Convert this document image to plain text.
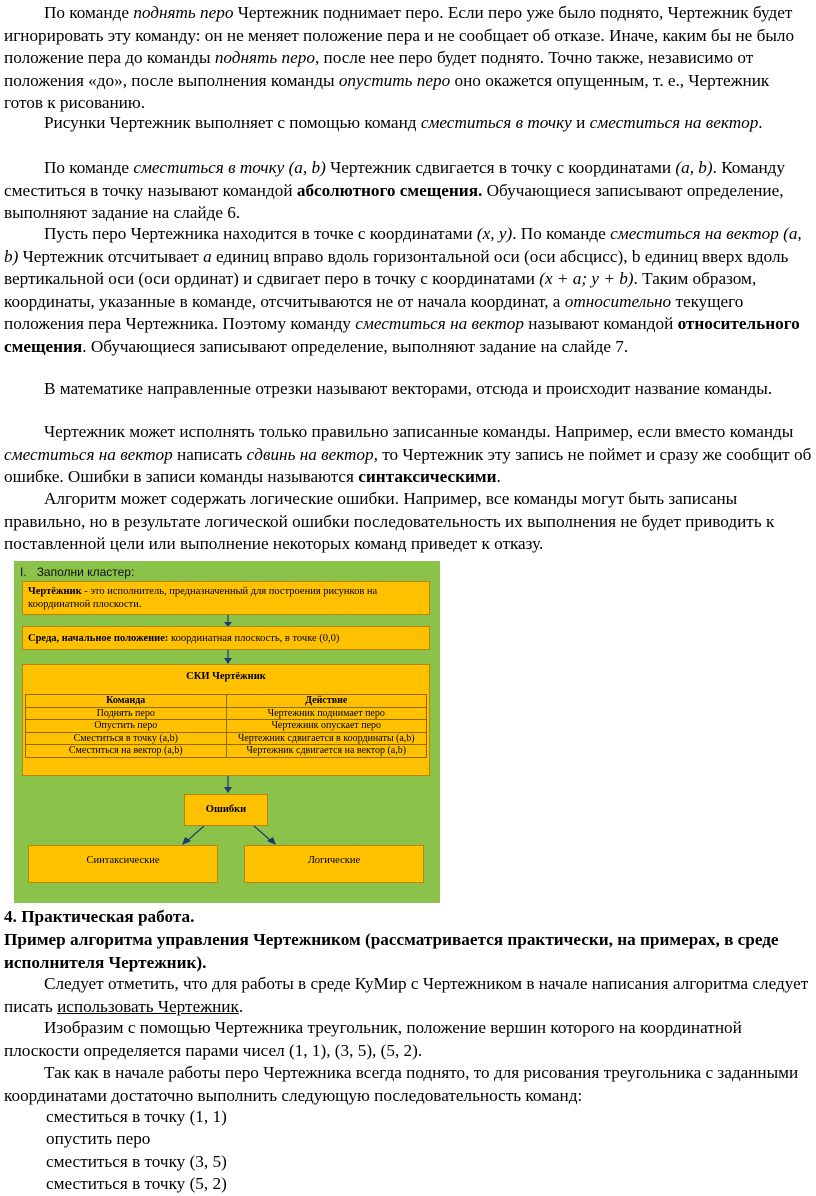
По команде поднять перо Чертежник поднимает перо. Если перо уже было поднято, Чертежник будет игнорировать эту команду: он не меняет положение пера и не сообщает об отказе. Иначе, каким бы не было положение пера до команды поднять перо, после нее перо будет поднято. Точно также, независимо от положения «до», после выполнения команды опустить перо оно окажется опущенным, т. е., Чертежник готов к рисованию.

Рисунки Чертежник выполняет с помощью команд сместиться в точку и сместиться на вектор.

По команде сместиться в точку (a, b) Чертежник сдвигается в точку с координатами (a, b). Команду сместиться в точку называют командой абсолютного смещения. Обучающиеся записывают определение, выполняют задание на слайде 6.

Пусть перо Чертежника находится в точке с координатами (x, y). По команде сместиться на вектор (a, b) Чертежник отсчитывает a единиц вправо вдоль горизонтальной оси (оси абсцисс), b единиц вверх вдоль вертикальной оси (оси ординат) и сдвигает перо в точку с координатами (x + a; y + b). Таким образом, координаты, указанные в команде, отсчитываются не от начала координат, а относительно текущего положения пера Чертежника. Поэтому команду сместиться на вектор называют командой относительного смещения. Обучающиеся записывают определение, выполняют задание на слайде 7.

В математике направленные отрезки называют векторами, отсюда и происходит название команды.

Чертежник может исполнять только правильно записанные команды. Например, если вместо команды сместиться на вектор написать сдвинь на вектор, то Чертежник эту запись не поймет и сразу же сообщит об ошибке. Ошибки в записи команды называются синтаксическими.

Алгоритм может содержать логические ошибки. Например, все команды могут быть записаны правильно, но в результате логической ошибки последовательность их выполнения не будет приводить к поставленной цели или выполнение некоторых команд приведет к отказу.

I. Заполни кластер:
Чертёжник - это исполнитель, предназначенный для построения рисунков на координатной плоскости.
Среда, начальное положение: координатная плоскость, в точке (0,0)
СКИ Чертёжник
Команда	Действие
Поднять перо	Чертежник поднимает перо
Опустить перо	Чертежник опускает перо
Сместиться в точку (a,b)	Чертежник сдвигается в координаты (a,b)
Сместиться на вектор (a,b)	Чертежник сдвигается на вектор (a,b)
Ошибки
Синтаксические	Логические

4. Практическая работа.

Пример алгоритма управления Чертежником (рассматривается практически, на примерах, в среде исполнителя Чертежник).

Следует отметить, что для работы в среде КуМир с Чертежником в начале написания алгоритма следует писать использовать Чертежник.

Изобразим с помощью Чертежника треугольник, положение вершин которого на координатной плоскости определяется парами чисел (1, 1), (3, 5), (5, 2).

Так как в начале работы перо Чертежника всегда поднято, то для рисования треугольника с заданными координатами достаточно выполнить следующую последовательность команд:

сместиться в точку (1, 1)

опустить перо

сместиться в точку (3, 5)

сместиться в точку (5, 2)
